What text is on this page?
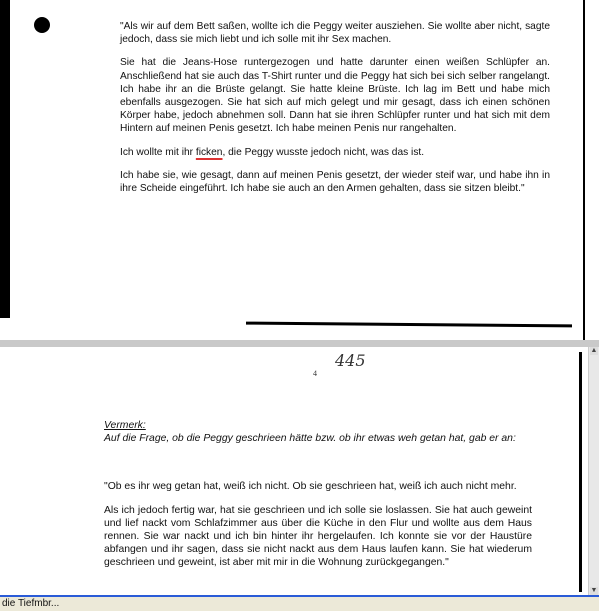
"Als wir auf dem Bett saßen, wollte ich die Peggy weiter ausziehen. Sie wollte aber nicht, sagte jedoch, dass sie mich liebt und ich solle mit ihr Sex machen.

Sie hat die Jeans-Hose runtergezogen und hatte darunter einen weißen Schlüpfer an. Anschließend hat sie auch das T-Shirt runter und die Peggy hat sich bei sich selber rangelangt. Ich habe ihr an die Brüste gelangt. Sie hatte kleine Brüste. Ich lag im Bett und habe mich ebenfalls ausgezogen. Sie hat sich auf mich gelegt und mir gesagt, dass ich einen schönen Körper habe, jedoch abnehmen soll. Dann hat sie ihren Schlüpfer runter und hat sich mit dem Hintern auf meinen Penis gesetzt. Ich habe meinen Penis nur rangehalten.

Ich wollte mit ihr ficken, die Peggy wusste jedoch nicht, was das ist.

Ich habe sie, wie gesagt, dann auf meinen Penis gesetzt, der wieder steif war, und habe ihn in ihre Scheide eingeführt. Ich habe sie auch an den Armen gehalten, dass sie sitzen bleibt."

445
4
Vermerk:
Auf die Frage, ob die Peggy geschrieen hätte bzw. ob ihr etwas weh getan hat, gab er an:

"Ob es ihr weg getan hat, weiß ich nicht. Ob sie geschrieen hat, weiß ich auch nicht mehr.

Als ich jedoch fertig war, hat sie geschrieen und ich solle sie loslassen. Sie hat auch geweint und lief nackt vom Schlafzimmer aus über die Küche in den Flur und wollte aus dem Haus rennen. Sie war nackt und ich bin hinter ihr hergelaufen. Ich konnte sie vor der Haustüre abfangen und ihr sagen, dass sie nicht nackt aus dem Haus laufen kann. Sie hat wiederum geschrieen und geweint, ist aber mit mir in die Wohnung zurückgegangen."

▲
▼
die Tiefmbr...
